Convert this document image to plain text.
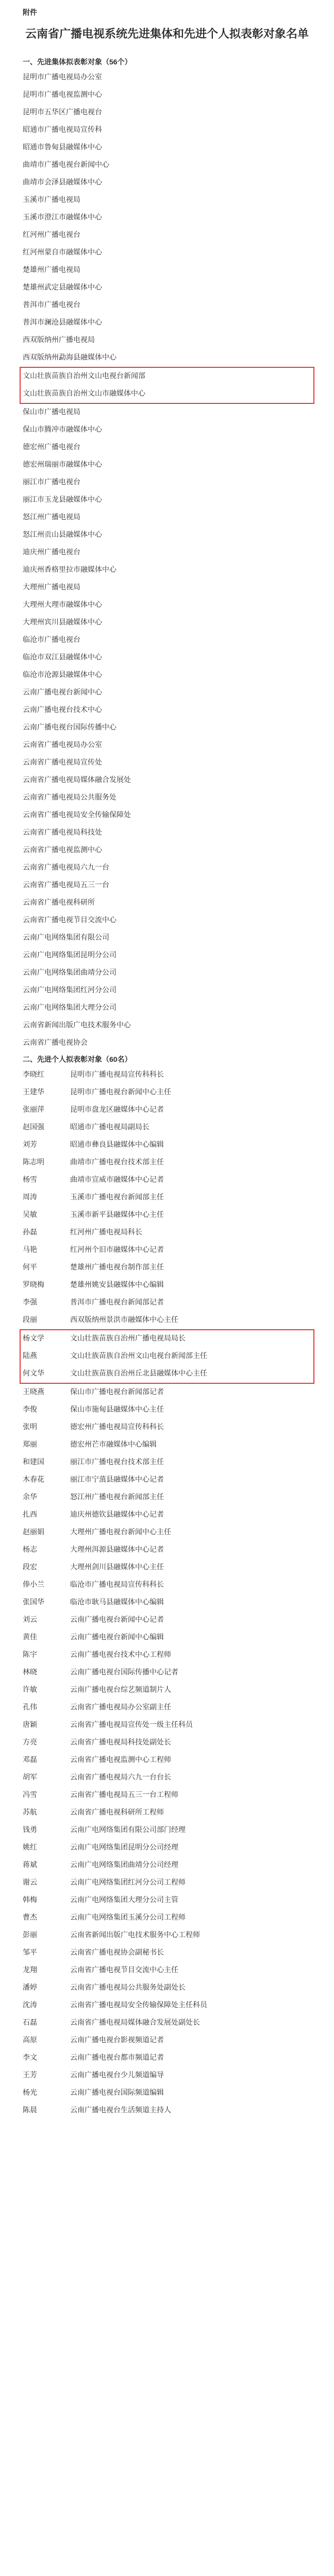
附件
云南省广播电视系统先进集体和先进个人拟表彰对象名单
一、先进集体拟表彰对象（56个）
昆明市广播电视局办公室
昆明市广播电视监测中心
昆明市五华区广播电视台
昭通市广播电视局宣传科
昭通市鲁甸县融媒体中心
曲靖市广播电视台新闻中心
曲靖市会泽县融媒体中心
玉溪市广播电视局
玉溪市澄江市融媒体中心
红河州广播电视台
红河州蒙自市融媒体中心
楚雄州广播电视局
楚雄州武定县融媒体中心
普洱市广播电视台
普洱市澜沧县融媒体中心
西双版纳州广播电视局
西双版纳州勐海县融媒体中心
文山壮族苗族自治州文山电视台新闻部
文山壮族苗族自治州文山市融媒体中心
保山市广播电视局
保山市腾冲市融媒体中心
德宏州广播电视台
德宏州瑞丽市融媒体中心
丽江市广播电视台
丽江市玉龙县融媒体中心
怒江州广播电视局
怒江州贡山县融媒体中心
迪庆州广播电视台
迪庆州香格里拉市融媒体中心
大理州广播电视局
大理州大理市融媒体中心
大理州宾川县融媒体中心
临沧市广播电视台
临沧市双江县融媒体中心
临沧市沧源县融媒体中心
云南广播电视台新闻中心
云南广播电视台技术中心
云南广播电视台国际传播中心
云南省广播电视局办公室
云南省广播电视局宣传处
云南省广播电视局媒体融合发展处
云南省广播电视局公共服务处
云南省广播电视局安全传输保障处
云南省广播电视局科技处
云南省广播电视监测中心
云南省广播电视局六九一台
云南省广播电视局五三一台
云南省广播电视科研所
云南省广播电视节目交流中心
云南广电网络集团有限公司
云南广电网络集团昆明分公司
云南广电网络集团曲靖分公司
云南广电网络集团红河分公司
云南广电网络集团大理分公司
云南省新闻出版广电技术服务中心
云南省广播电视协会
二、先进个人拟表彰对象（60名）
李晓红	昆明市广播电视局宣传科科长
王建华	昆明市广播电视台新闻中心主任
张丽萍	昆明市盘龙区融媒体中心记者
赵国强	昭通市广播电视局副局长
刘芳	昭通市彝良县融媒体中心编辑
陈志明	曲靖市广播电视台技术部主任
杨雪	曲靖市宣威市融媒体中心记者
周涛	玉溪市广播电视台新闻部主任
吴敏	玉溪市新平县融媒体中心主任
孙磊	红河州广播电视局科长
马艳	红河州个旧市融媒体中心记者
何平	楚雄州广播电视台制作部主任
罗晓梅	楚雄州姚安县融媒体中心编辑
李强	普洱市广播电视台新闻部记者
段丽	西双版纳州景洪市融媒体中心主任
杨文学	文山壮族苗族自治州广播电视局局长
陆燕	文山壮族苗族自治州文山电视台新闻部主任
何文华	文山壮族苗族自治州丘北县融媒体中心主任
王晓燕	保山市广播电视台新闻部记者
李俊	保山市施甸县融媒体中心主任
张明	德宏州广播电视局宣传科科长
郑丽	德宏州芒市融媒体中心编辑
和建国	丽江市广播电视台技术部主任
木春花	丽江市宁蒗县融媒体中心记者
余华	怒江州广播电视台新闻部主任
扎西	迪庆州德钦县融媒体中心记者
赵丽娟	大理州广播电视台新闻中心主任
杨志	大理州洱源县融媒体中心记者
段宏	大理州剑川县融媒体中心主任
俸小兰	临沧市广播电视局宣传科科长
张国华	临沧市耿马县融媒体中心编辑
刘云	云南广播电视台新闻中心记者
黄佳	云南广播电视台新闻中心编辑
陈宇	云南广播电视台技术中心工程师
林晓	云南广播电视台国际传播中心记者
许敏	云南广播电视台综艺频道制片人
孔伟	云南省广播电视局办公室副主任
唐颖	云南省广播电视局宣传处一级主任科员
方亮	云南省广播电视局科技处副处长
邓磊	云南省广播电视监测中心工程师
胡军	云南省广播电视局六九一台台长
冯雪	云南省广播电视局五三一台工程师
苏航	云南省广播电视科研所工程师
钱勇	云南广电网络集团有限公司部门经理
姚红	云南广电网络集团昆明分公司经理
蒋斌	云南广电网络集团曲靖分公司经理
谢云	云南广电网络集团红河分公司工程师
韩梅	云南广电网络集团大理分公司主管
曹杰	云南广电网络集团玉溪分公司工程师
彭丽	云南省新闻出版广电技术服务中心工程师
邹平	云南省广播电视协会副秘书长
龙翔	云南省广播电视节目交流中心主任
潘婷	云南省广播电视局公共服务处副处长
沈涛	云南省广播电视局安全传输保障处主任科员
石磊	云南省广播电视局媒体融合发展处副处长
高原	云南广播电视台影视频道记者
李文	云南广播电视台都市频道记者
王芳	云南广播电视台少儿频道编导
杨光	云南广播电视台国际频道编辑
陈晨	云南广播电视台生活频道主持人
